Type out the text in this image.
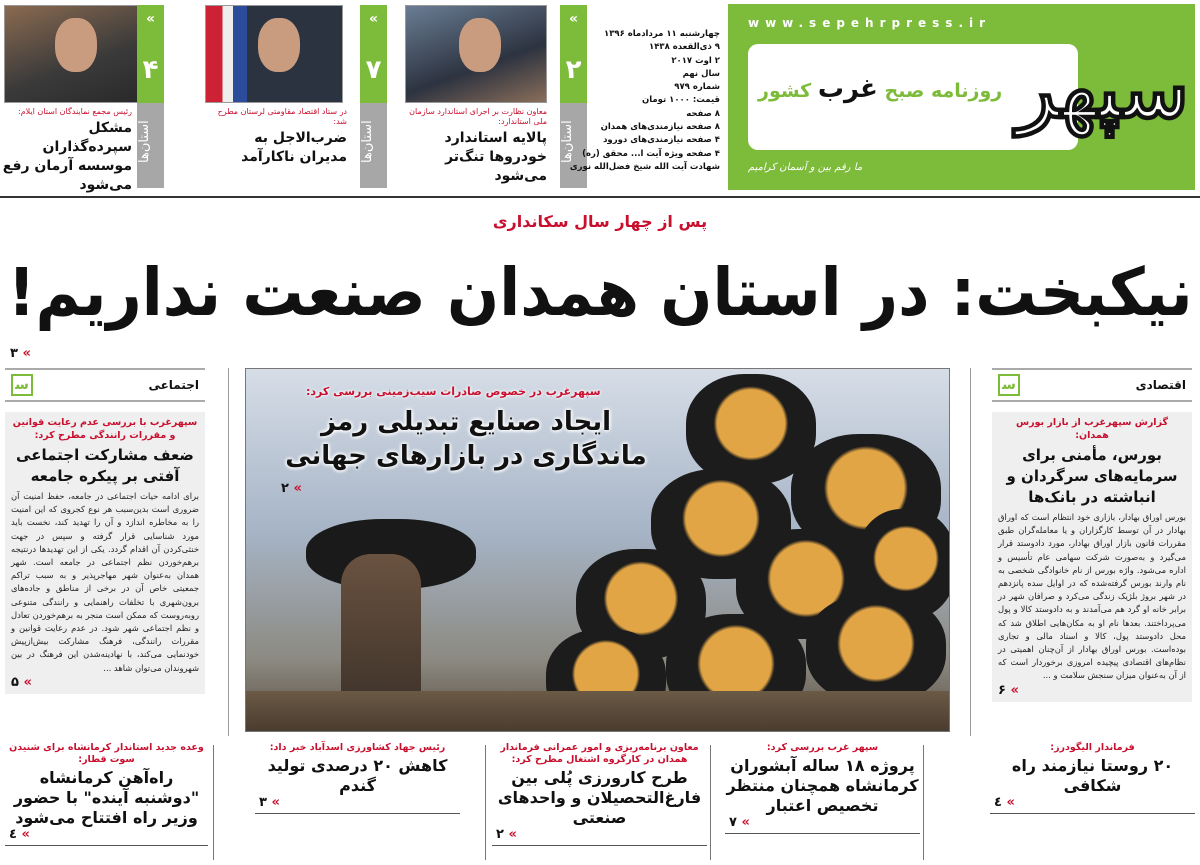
«
۲
استان‌ها
معاون نظارت بر اجرای استاندارد سازمان ملی استاندارد:
پالایه استاندارد خودروها تنگ‌تر می‌شود
«
۷
استان‌ها
در ستاد اقتصاد مقاومتی لرستان مطرح شد:
ضرب‌الاجل به مدیران ناکارآمد
«
۴
استان‌ها
رئیس مجمع نمایندگان استان ایلام:
مشکل سپرده‌گذاران موسسه آرمان رفع می‌شود
چهارشنبه ۱۱ مردادماه ۱۳۹۶
۹ ذی‌القعده ۱۴۳۸
۲ اوت ۲۰۱۷
سال نهم
شماره ۹۷۹
قیمت: ۱۰۰۰ تومان
۸ صفحه
۸ صفحه نیازمندی‌های همدان
۴ صفحه نیازمندی‌های دورود
۴ صفحه ویژه آیت ا... محقق (ره)
شهادت آیت الله شیخ فضل‌الله نوری
www.sepehrpress.ir
روزنامه صبح غرب کشور
ما رقم بین و آسمان کرامیم
سپهر
پس از چهار سال سکانداری
نیکبخت: در استان همدان صنعت نداریم!
۳ «
اجتماعی
ﺳ
سپهرغرب با بررسی عدم رعایت قوانین و مقررات رانندگی مطرح کرد:
ضعف مشارکت اجتماعی آفتی بر پیکره جامعه
برای ادامه حیات اجتماعی در جامعه، حفظ امنیت آن ضروری است بدین‌سبب هر نوع کجروی که این امنیت را به مخاطره اندازد و آن را تهدید کند، نخست باید مورد شناسایی قرار گرفته و سپس در جهت خنثی‌کردن آن اقدام گردد. یکی از این تهدیدها درنتیجه برهم‌خوردن نظم اجتماعی در جامعه است. شهر همدان به‌عنوان شهر مهاجرپذیر و به سبب تراکم جمعیتی خاص آن در برخی از مناطق و جاده‌های برون‌شهری با تخلفات راهنمایی و رانندگی متنوعی روبه‌روست که ممکن است منجر به برهم‌خوردن تعادل و نظم اجتماعی شهر شود. در عدم رعایت قوانین و مقررات رانندگی، فرهنگ مشارکت بیش‌ازپیش خودنمایی می‌کند، با نهادینه‌شدن این فرهنگ در بین شهروندان می‌توان شاهد ...
۵ «
سپهرغرب در خصوص صادرات سیب‌زمینی بررسی کرد:
ایجاد صنایع تبدیلی رمز ماندگاری در بازارهای جهانی
۲ «
اقتصادی
ﺳ
گزارش سپهرغرب از بازار بورس همدان:
بورس، مأمنی برای سرمایه‌های سرگردان و انباشته در بانک‌ها
بورس اوراق بهادار، بازاری خود انتظام است که اوراق بهادار در آن توسط کارگزاران و یا معامله‌گران طبق مقررات قانون بازار اوراق بهادار، مورد دادوستد قرار می‌گیرد و به‌صورت شرکت سهامی عام تأسیس و اداره می‌شود. واژه بورس از نام خانوادگی شخصی به نام وارند بورس گرفته‌شده که در اوایل سده پانزدهم در شهر بروژ بلژیک زندگی می‌کرد و صرافان شهر در برابر خانه او گرد هم می‌آمدند و به دادوستد کالا و پول می‌پرداختند. بعدها نام او به مکان‌هایی اطلاق شد که محل دادوستد پول، کالا و اسناد مالی و تجاری بوده‌است. بورس اوراق بهادار از آن‌چنان اهمیتی در نظام‌های اقتصادی پیچیده امروزی برخوردار است که از آن به‌عنوان میزان سنجش سلامت و ...
۶ «
فرماندار الیگودرز:
۲۰ روستا نیازمند راه شکافی
٤ «
سپهر غرب بررسی کرد:
پروژه ۱۸ ساله آبشوران کرمانشاه همچنان منتظر تخصیص اعتبار
۷ «
معاون برنامه‌ریزی و امور عمرانی فرماندار همدان در کارگروه اشتغال مطرح کرد:
طرح کارورزی پُلی بین فارغ‌التحصیلان و واحدهای صنعتی
۲ «
رئیس جهاد کشاورزی اسدآباد خبر داد:
کاهش ۲۰ درصدی تولید گندم
۳ «
وعده جدید استاندار کرمانشاه برای شنیدن سوت قطار:
راه‌آهن کرمانشاه "دوشنبه آینده" با حضور وزیر راه افتتاح می‌شود
٤ «
